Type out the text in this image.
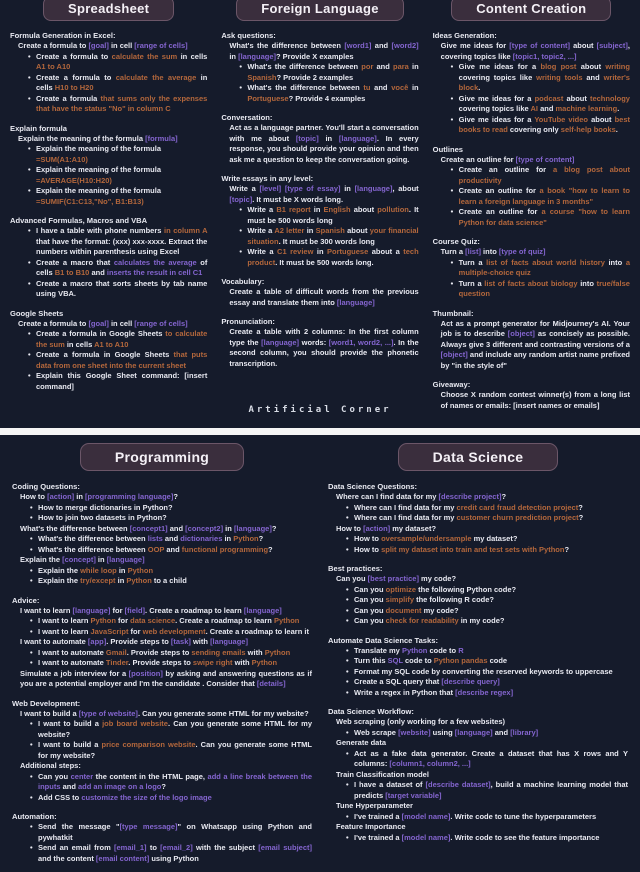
Spreadsheet
Formula Generation in Excel:
Create a formula to [goal] in cell [range of cells]
• Create a formula to calculate the sum in cells A1 to A10
• Create a formula to calculate the average in cells H10 to H20
• Create a formula that sums only the expenses that have the status "No" in column C
Explain formula
Explain the meaning of the formula [formula]
• Explain the meaning of the formula
=SUM(A1:A10)
• Explain the meaning of the formula
=AVERAGE(H10:H20)
• Explain the meaning of the formula
=SUMIF(C1:C13,"No", B1:B13)
Advanced Formulas, Macros and VBA
• I have a table with phone numbers in column A that have the format: (xxx) xxx-xxxx. Extract the numbers within parenthesis using Excel
• Create a macro that calculates the average of cells B1 to B10 and inserts the result in cell C1
• Create a macro that sorts sheets by tab name using VBA.
Google Sheets
Create a formula to [goal] in cell [range of cells]
• Create a formula in Google Sheets to calculate the sum in cells A1 to A10
• Create a formula in Google Sheets that puts data from one sheet into the current sheet
• Explain this Google Sheet command: [insert command]
Foreign Language
Ask questions:
What's the difference between [word1] and [word2] in [language]? Provide X examples
• What's the difference between por and para in Spanish? Provide 2 examples
• What's the difference between tu and você in Portuguese? Provide 4 examples
Conversation:
Act as a language partner. You'll start a conversation with me about [topic] in [language]. In every response, you should provide your opinion and then ask me a question to keep the conversation going.
Write essays in any level:
Write a [level] [type of essay] in [language], about [topic]. It must be X words long.
• Write a B1 report in English about pollution. It must be 500 words long
• Write a A2 letter in Spanish about your financial situation. It must be 300 words long
• Write a C1 review in Portuguese about a tech product. It must be 500 words long.
Vocabulary:
Create a table of difficult words from the previous essay and translate them into [language]
Pronunciation:
Create a table with 2 columns: In the first column type the [language] words: [word1, word2, ...]. In the second column, you should provide the phonetic transcription.
Content Creation
Ideas Generation:
Give me ideas for [type of content] about [subject], covering topics like [topic1, topic2, ...]
• Give me ideas for a blog post about writing covering topics like writing tools and writer's block.
• Give me ideas for a podcast about technology covering topics like AI and machine learning.
• Give me ideas for a YouTube video about best books to read covering only self-help books.
Outlines
Create an outline for [type of content]
• Create an outline for a blog post about productivity
• Create an outline for a book "how to learn to learn a foreign language in 3 months"
• Create an outline for a course "how to learn Python for data science"
Course Quiz:
Turn a [list] into [type of quiz]
• Turn a list of facts about world history into a multiple-choice quiz
• Turn a list of facts about biology into true/false question
Thumbnail:
Act as a prompt generator for Midjourney's AI. Your job is to describe [object] as concisely as possible. Always give 3 different and contrasting versions of a [object] and include any random artist name prefixed by "in the style of"
Giveaway:
Choose X random contest winner(s) from a long list of names or emails: [insert names or emails]
Artificial Corner
Programming
Coding Questions:
How to [action] in [programming language]?
• How to merge dictionaries in Python?
• How to join two datasets in Python?
What's the difference between [concept1] and [concept2] in [language]?
• What's the difference between lists and dictionaries in Python?
• What's the difference between OOP and functional programming?
Explain the [concept] in [language]
• Explain the while loop in Python
• Explain the try/except in Python to a child
Advice:
I want to learn [language] for [field]. Create a roadmap to learn [language]
• I want to learn Python for data science. Create a roadmap to learn Python
• I want to learn JavaScript for web development. Create a roadmap to learn it
I want to automate [app]. Provide steps to [task] with [language]
• I want to automate Gmail. Provide steps to sending emails with Python
• I want to automate Tinder. Provide steps to swipe right with Python
Simulate a job interview for a [position] by asking and answering questions as if you are a potential employer and I'm the candidate . Consider that [details]
Web Development:
I want to build a [type of website]. Can you generate some HTML for my website?
• I want to build a job board website. Can you generate some HTML for my website?
• I want to build a price comparison website. Can you generate some HTML for my website?
Additional steps:
• Can you center the content in the HTML page, add a line break between the inputs and add an image on a logo?
• Add CSS to customize the size of the logo image
Automation:
• Send the message "[type message]" on Whatsapp using Python and pywhatkit
• Send an email from [email_1] to [email_2] with the subject [email subject] and the content [email content] using Python
Data Science
Data Science Questions:
Where can I find data for my [describe project]?
• Where can I find data for my credit card fraud detection project?
• Where can I find data for my customer churn prediction project?
How to [action] my dataset?
• How to oversample/undersample my dataset?
• How to split my dataset into train and test sets with Python?
Best practices:
Can you [best practice] my code?
• Can you optimize the following Python code?
• Can you simplify the following R code?
• Can you document my code?
• Can you check for readability in my code?
Automate Data Science Tasks:
• Translate my Python code to R
• Turn this SQL code to Python pandas code
• Format my SQL code by converting the reserved keywords to uppercase
• Create a SQL query that [describe query]
• Write a regex in Python that [describe regex]
Data Science Workflow:
Web scraping (only working for a few websites)
• Web scrape [website] using [language] and [library]
Generate data
• Act as a fake data generator. Create a dataset that has X rows and Y columns: [column1, column2, ...]
Train Classification model
• I have a dataset of [describe dataset], build a machine learning model that predicts [target variable]
Tune Hyperparameter
• I've trained a [model name]. Write code to tune the hyperparameters
Feature Importance
• I've trained a [model name]. Write code to see the feature importance
